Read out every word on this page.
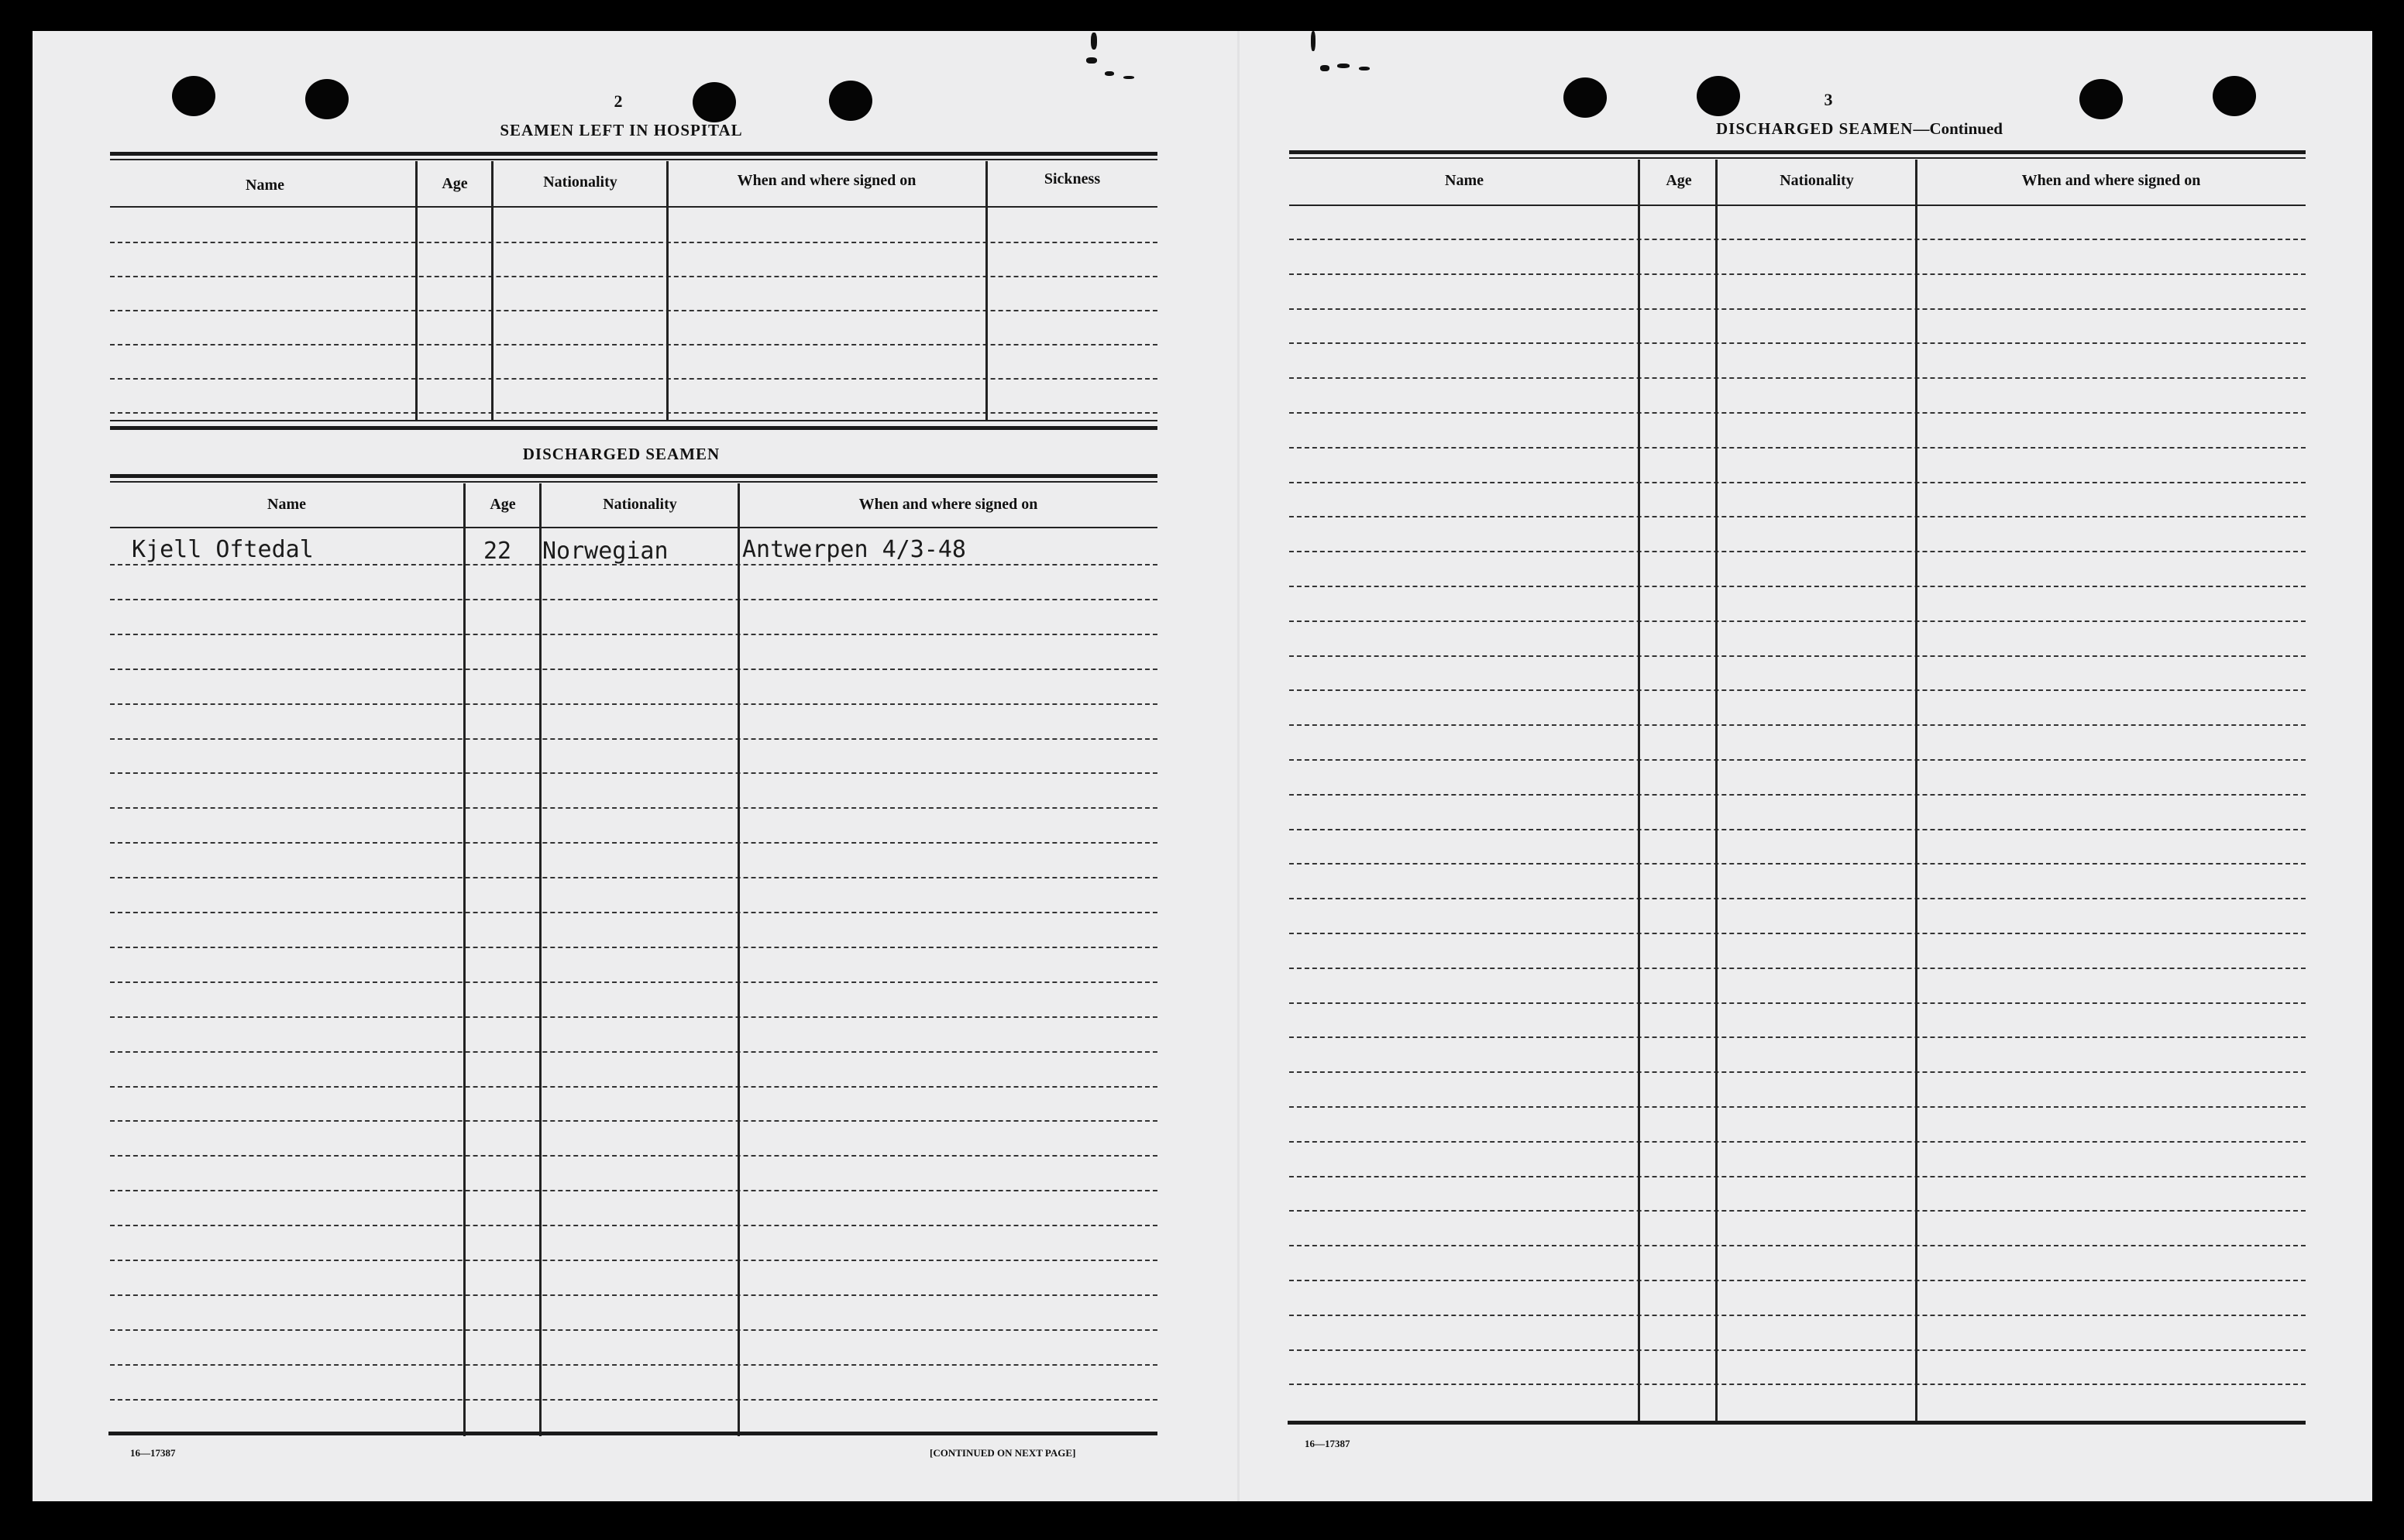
2
SEAMEN LEFT IN HOSPITAL
Name	Age	Nationality	When and where signed on	Sickness
DISCHARGED SEAMEN
Name	Age	Nationality	When and where signed on
Kjell Oftedal	22 Norwegian	Antwerpen 4/3-48
16—17387	[CONTINUED ON NEXT PAGE]
3
DISCHARGED SEAMEN—Continued
Name	Age	Nationality	When and where signed on
16—17387
